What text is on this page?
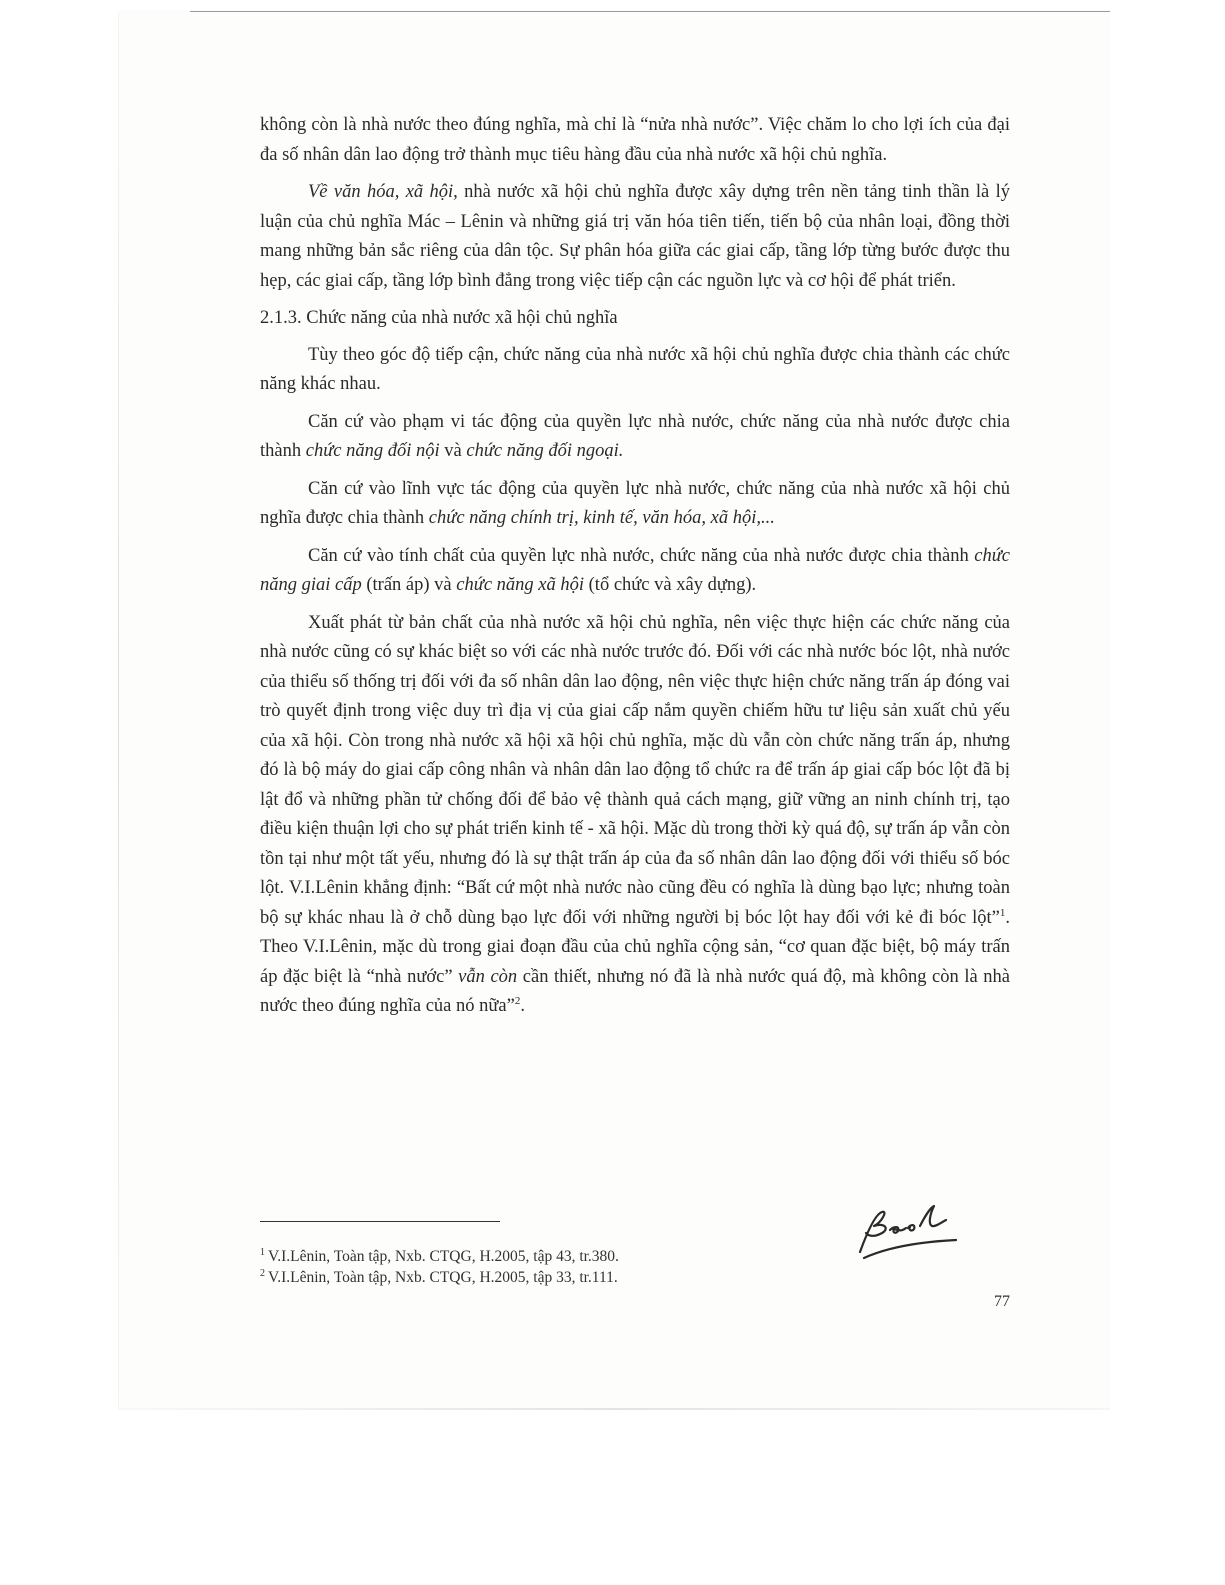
không còn là nhà nước theo đúng nghĩa, mà chỉ là “nửa nhà nước”. Việc chăm lo cho lợi ích của đại đa số nhân dân lao động trở thành mục tiêu hàng đầu của nhà nước xã hội chủ nghĩa.

Về văn hóa, xã hội, nhà nước xã hội chủ nghĩa được xây dựng trên nền tảng tinh thần là lý luận của chủ nghĩa Mác – Lênin và những giá trị văn hóa tiên tiến, tiến bộ của nhân loại, đồng thời mang những bản sắc riêng của dân tộc. Sự phân hóa giữa các giai cấp, tầng lớp từng bước được thu hẹp, các giai cấp, tầng lớp bình đẳng trong việc tiếp cận các nguồn lực và cơ hội để phát triển.

2.1.3. Chức năng của nhà nước xã hội chủ nghĩa

Tùy theo góc độ tiếp cận, chức năng của nhà nước xã hội chủ nghĩa được chia thành các chức năng khác nhau.

Căn cứ vào phạm vi tác động của quyền lực nhà nước, chức năng của nhà nước được chia thành chức năng đối nội và chức năng đối ngoại.

Căn cứ vào lĩnh vực tác động của quyền lực nhà nước, chức năng của nhà nước xã hội chủ nghĩa được chia thành chức năng chính trị, kinh tế, văn hóa, xã hội,...

Căn cứ vào tính chất của quyền lực nhà nước, chức năng của nhà nước được chia thành chức năng giai cấp (trấn áp) và chức năng xã hội (tổ chức và xây dựng).

Xuất phát từ bản chất của nhà nước xã hội chủ nghĩa, nên việc thực hiện các chức năng của nhà nước cũng có sự khác biệt so với các nhà nước trước đó. Đối với các nhà nước bóc lột, nhà nước của thiểu số thống trị đối với đa số nhân dân lao động, nên việc thực hiện chức năng trấn áp đóng vai trò quyết định trong việc duy trì địa vị của giai cấp nắm quyền chiếm hữu tư liệu sản xuất chủ yếu của xã hội. Còn trong nhà nước xã hội xã hội chủ nghĩa, mặc dù vẫn còn chức năng trấn áp, nhưng đó là bộ máy do giai cấp công nhân và nhân dân lao động tổ chức ra để trấn áp giai cấp bóc lột đã bị lật đổ và những phần tử chống đối để bảo vệ thành quả cách mạng, giữ vững an ninh chính trị, tạo điều kiện thuận lợi cho sự phát triển kinh tế - xã hội. Mặc dù trong thời kỳ quá độ, sự trấn áp vẫn còn tồn tại như một tất yếu, nhưng đó là sự thật trấn áp của đa số nhân dân lao động đối với thiểu số bóc lột. V.I.Lênin khẳng định: “Bất cứ một nhà nước nào cũng đều có nghĩa là dùng bạo lực; nhưng toàn bộ sự khác nhau là ở chỗ dùng bạo lực đối với những người bị bóc lột hay đối với kẻ đi bóc lột”$^1$. Theo V.I.Lênin, mặc dù trong giai đoạn đầu của chủ nghĩa cộng sản, “cơ quan đặc biệt, bộ máy trấn áp đặc biệt là “nhà nước” vẫn còn cần thiết, nhưng nó đã là nhà nước quá độ, mà không còn là nhà nước theo đúng nghĩa của nó nữa”$^2$.

$^1$ V.I.Lênin, Toàn tập, Nxb. CTQG, H.2005, tập 43, tr.380.
$^2$ V.I.Lênin, Toàn tập, Nxb. CTQG, H.2005, tập 33, tr.111.
77
